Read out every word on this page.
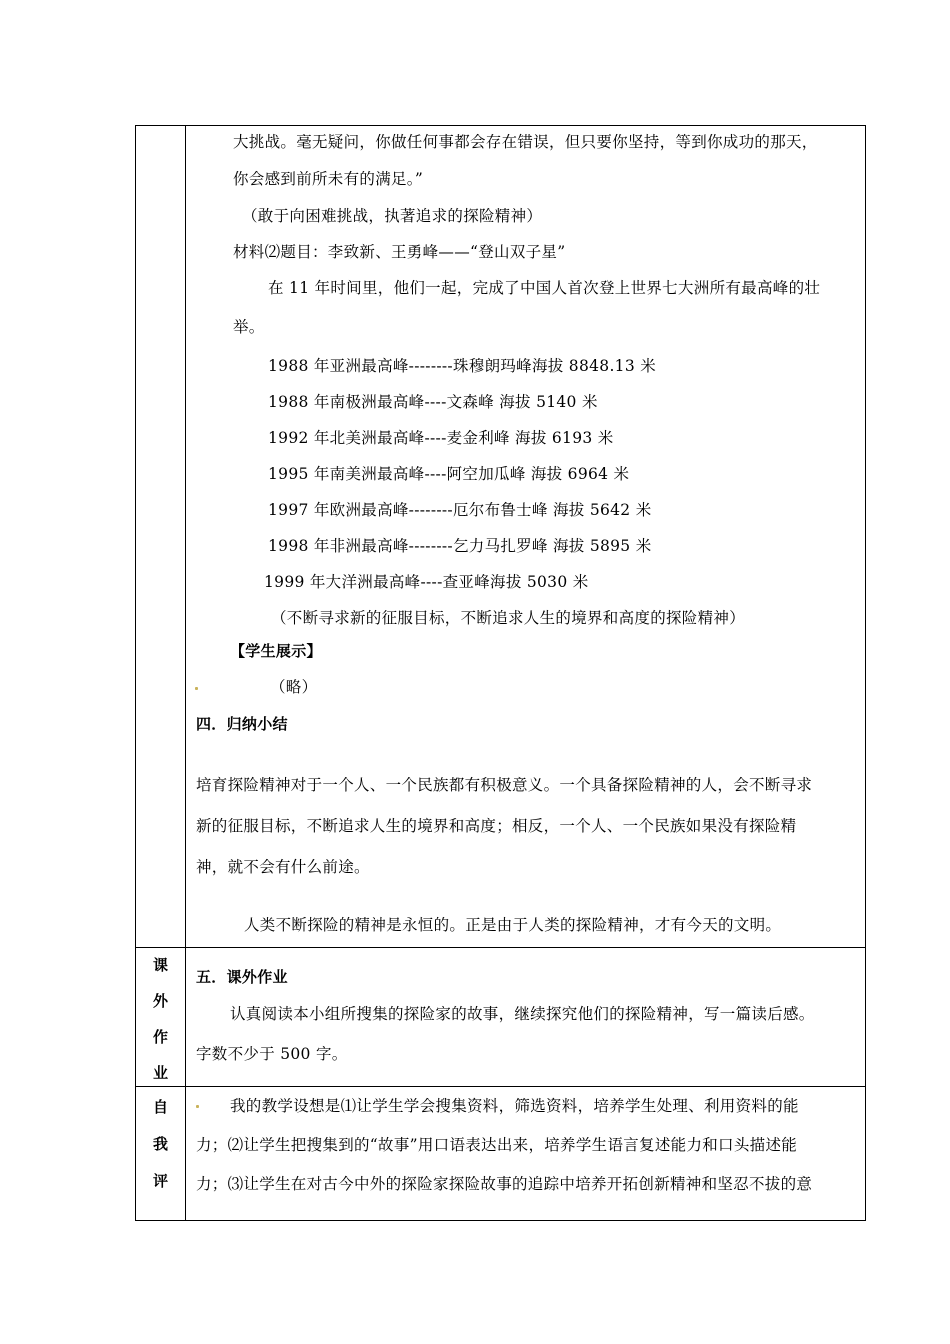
课
外
作
业
自
我
评
大挑战。毫无疑问，你做任何事都会存在错误，但只要你坚持，等到你成功的那天，
你会感到前所未有的满足。”
（敢于向困难挑战，执著追求的探险精神）
材料⑵题目：李致新、王勇峰——“登山双子星”
在 11 年时间里，他们一起，完成了中国人首次登上世界七大洲所有最高峰的壮
举。
1988 年亚洲最高峰--------珠穆朗玛峰海拔 8848.13 米
1988 年南极洲最高峰----文森峰 海拔 5140 米
1992 年北美洲最高峰----麦金利峰 海拔 6193 米
1995 年南美洲最高峰----阿空加瓜峰 海拔 6964 米
1997 年欧洲最高峰--------厄尔布鲁士峰 海拔 5642 米
1998 年非洲最高峰--------乞力马扎罗峰 海拔 5895 米
1999 年大洋洲最高峰----查亚峰海拔 5030 米
（不断寻求新的征服目标，不断追求人生的境界和高度的探险精神）
【学生展示】
（略）
四．归纳小结
培育探险精神对于一个人、一个民族都有积极意义。一个具备探险精神的人，会不断寻求
新的征服目标，不断追求人生的境界和高度；相反，一个人、一个民族如果没有探险精
神，就不会有什么前途。
人类不断探险的精神是永恒的。正是由于人类的探险精神，才有今天的文明。
五．课外作业
认真阅读本小组所搜集的探险家的故事，继续探究他们的探险精神，写一篇读后感。
字数不少于 500 字。
我的教学设想是⑴让学生学会搜集资料，筛选资料，培养学生处理、利用资料的能
力；⑵让学生把搜集到的“故事”用口语表达出来，培养学生语言复述能力和口头描述能
力；⑶让学生在对古今中外的探险家探险故事的追踪中培养开拓创新精神和坚忍不拔的意
